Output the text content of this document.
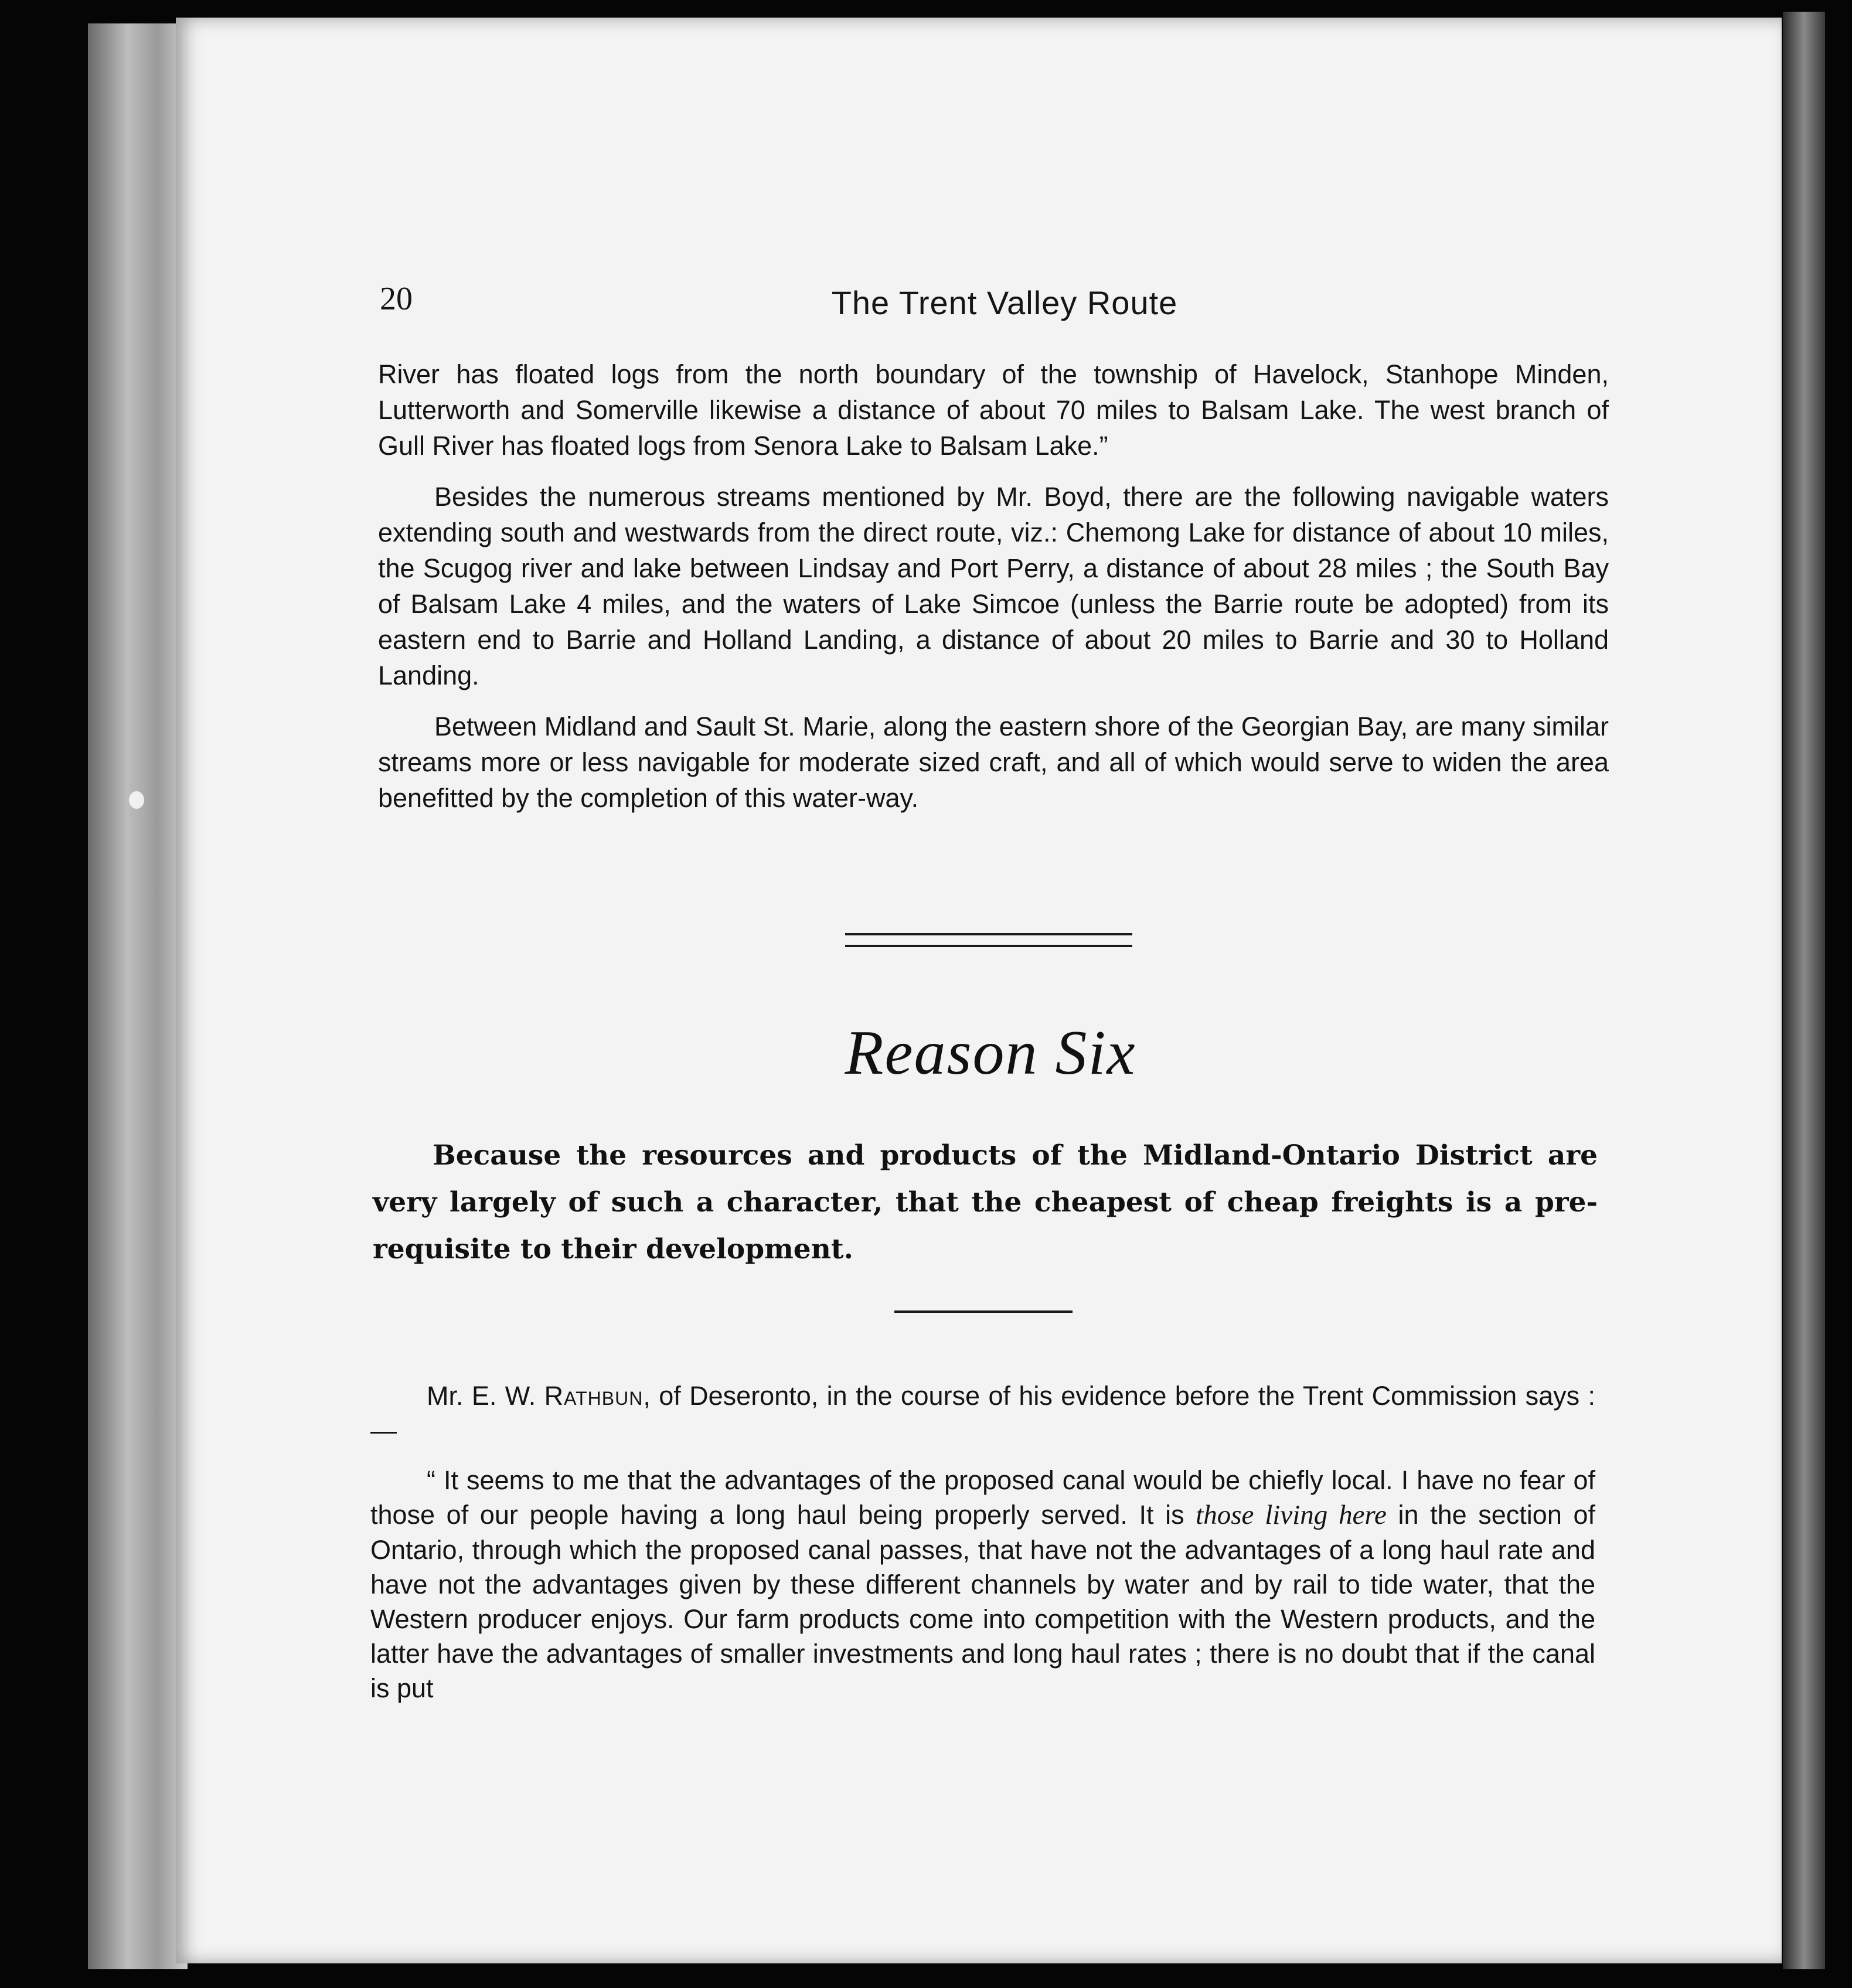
20	The Trent Valley Route

River has floated logs from the north boundary of the township of Havelock, Stanhope Minden, Lutterworth and Somerville likewise a distance of about 70 miles to Balsam Lake. The west branch of Gull River has floated logs from Senora Lake to Balsam Lake.”

Besides the numerous streams mentioned by Mr. Boyd, there are the following navigable waters extending south and westwards from the direct route, viz.: Chemong Lake for distance of about 10 miles, the Scugog river and lake between Lindsay and Port Perry, a distance of about 28 miles ; the South Bay of Balsam Lake 4 miles, and the waters of Lake Simcoe (unless the Barrie route be adopted) from its eastern end to Barrie and Holland Landing, a distance of about 20 miles to Barrie and 30 to Holland Landing.

Between Midland and Sault St. Marie, along the eastern shore of the Georgian Bay, are many similar streams more or less navigable for moderate sized craft, and all of which would serve to widen the area benefitted by the completion of this water-way.

Reason Six
Because the resources and products of the Midland-Ontario District are very largely of such a character, that the cheapest of cheap freights is a pre-requisite to their development.

Mr. E. W. Rathbun, of Deseronto, in the course of his evidence before the Trent Commission says :—

“ It seems to me that the advantages of the proposed canal would be chiefly local. I have no fear of those of our people having a long haul being properly served. It is those living here in the section of Ontario, through which the proposed canal passes, that have not the advantages of a long haul rate and have not the advantages given by these different channels by water and by rail to tide water, that the Western producer enjoys. Our farm products come into competition with the Western products, and the latter have the advantages of smaller investments and long haul rates ; there is no doubt that if the canal is put
